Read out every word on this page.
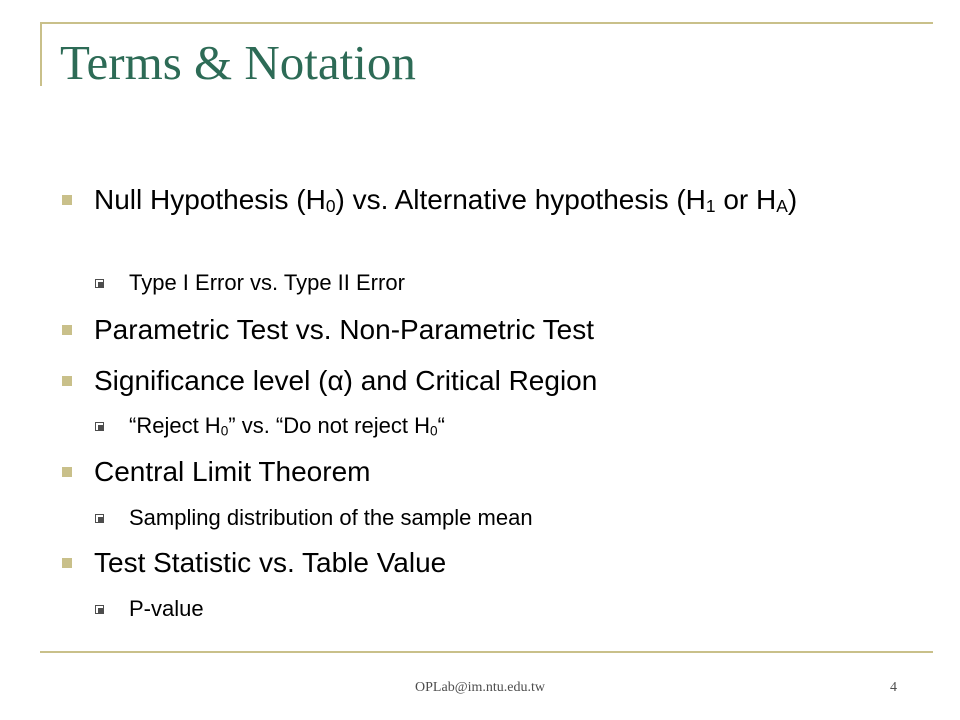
Terms & Notation
Null Hypothesis $(H_0)$ vs. Alternative hypothesis ($H_1$ or $H_A$)
Type I Error vs. Type II Error
Parametric Test vs. Non-Parametric Test
Significance level (α) and Critical Region
“Reject $H_0$” vs. “Do not reject $H_0“$
Central Limit Theorem
Sampling distribution of the sample mean
Test Statistic vs. Table Value
P-value
OPLab@im.ntu.edu.tw	4
